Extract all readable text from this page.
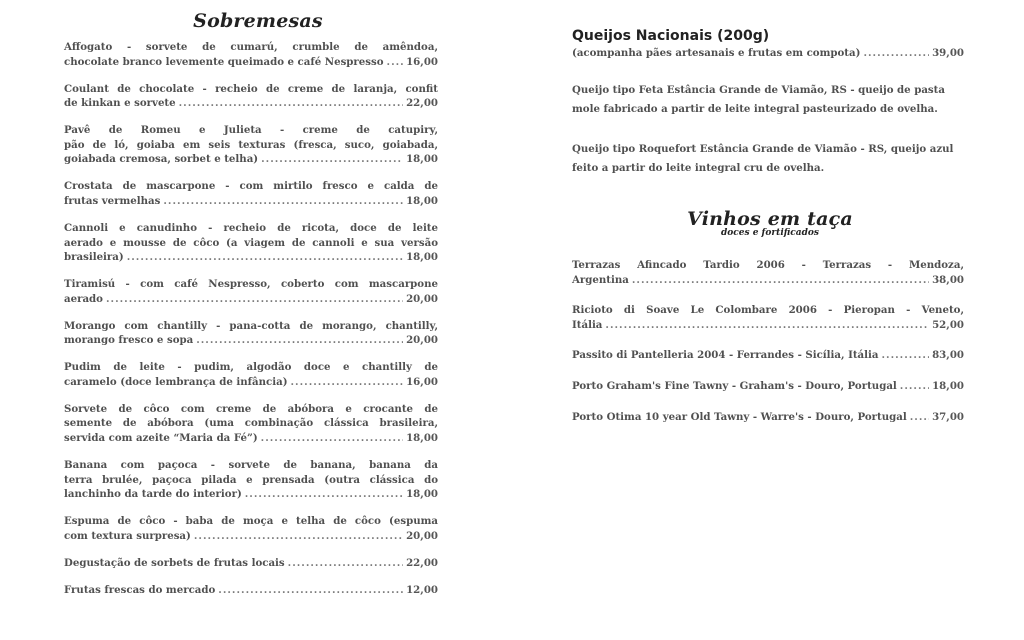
Sobremesas
Affogato - sorvete de cumarú, crumble de amêndoa,
chocolate branco levemente queimado e café Nespresso ..... 16,00
Coulant de chocolate - recheio de creme de laranja, confit
de kinkan e sorvete .....	22,00
Pavê de Romeu e Julieta - creme de catupiry,
pão de ló, goiaba em seis texturas (fresca, suco, goiabada,
goiabada cremosa, sorbet e telha) .....	18,00
Crostata de mascarpone - com mirtilo fresco e calda de
frutas vermelhas .....	18,00
Cannoli e canudinho - recheio de ricota, doce de leite
aerado e mousse de côco (a viagem de cannoli e sua versão
brasileira) .....	18,00
Tiramisú - com café Nespresso, coberto com mascarpone
aerado .....	20,00
Morango com chantilly - pana-cotta de morango, chantilly,
morango fresco e sopa .....	20,00
Pudim de leite - pudim, algodão doce e chantilly de
caramelo (doce lembrança de infância) .....	16,00
Sorvete de côco com creme de abóbora e crocante de
semente de abóbora (uma combinação clássica brasileira,
servida com azeite “Maria da Fé”) .....	18,00
Banana com paçoca - sorvete de banana, banana da
terra brulée, paçoca pilada e prensada (outra clássica do
lanchinho da tarde do interior) .....	18,00
Espuma de côco - baba de moça e telha de côco (espuma
com textura surpresa) .....	20,00
Degustação de sorbets de frutas locais .....	22,00
Frutas frescas do mercado .....	12,00
Queijos Nacionais (200g)
(acompanha pães artesanais e frutas em compota) .....	39,00
Queijo tipo Feta Estância Grande de Viamão, RS - queijo de pasta mole fabricado a partir de leite integral pasteurizado de ovelha.
Queijo tipo Roquefort Estância Grande de Viamão - RS, queijo azul feito a partir do leite integral cru de ovelha.
Vinhos em taça
doces e fortificados
Terrazas Afincado Tardio 2006 - Terrazas - Mendoza,
Argentina .....	38,00
Ricioto di Soave Le Colombare 2006 - Pieropan - Veneto,
Itália .....	52,00
Passito di Pantelleria 2004 - Ferrandes - Sicília, Itália .....	83,00
Porto Graham's Fine Tawny - Graham's - Douro, Portugal .....	18,00
Porto Otima 10 year Old Tawny - Warre's - Douro, Portugal ..... 37,00
